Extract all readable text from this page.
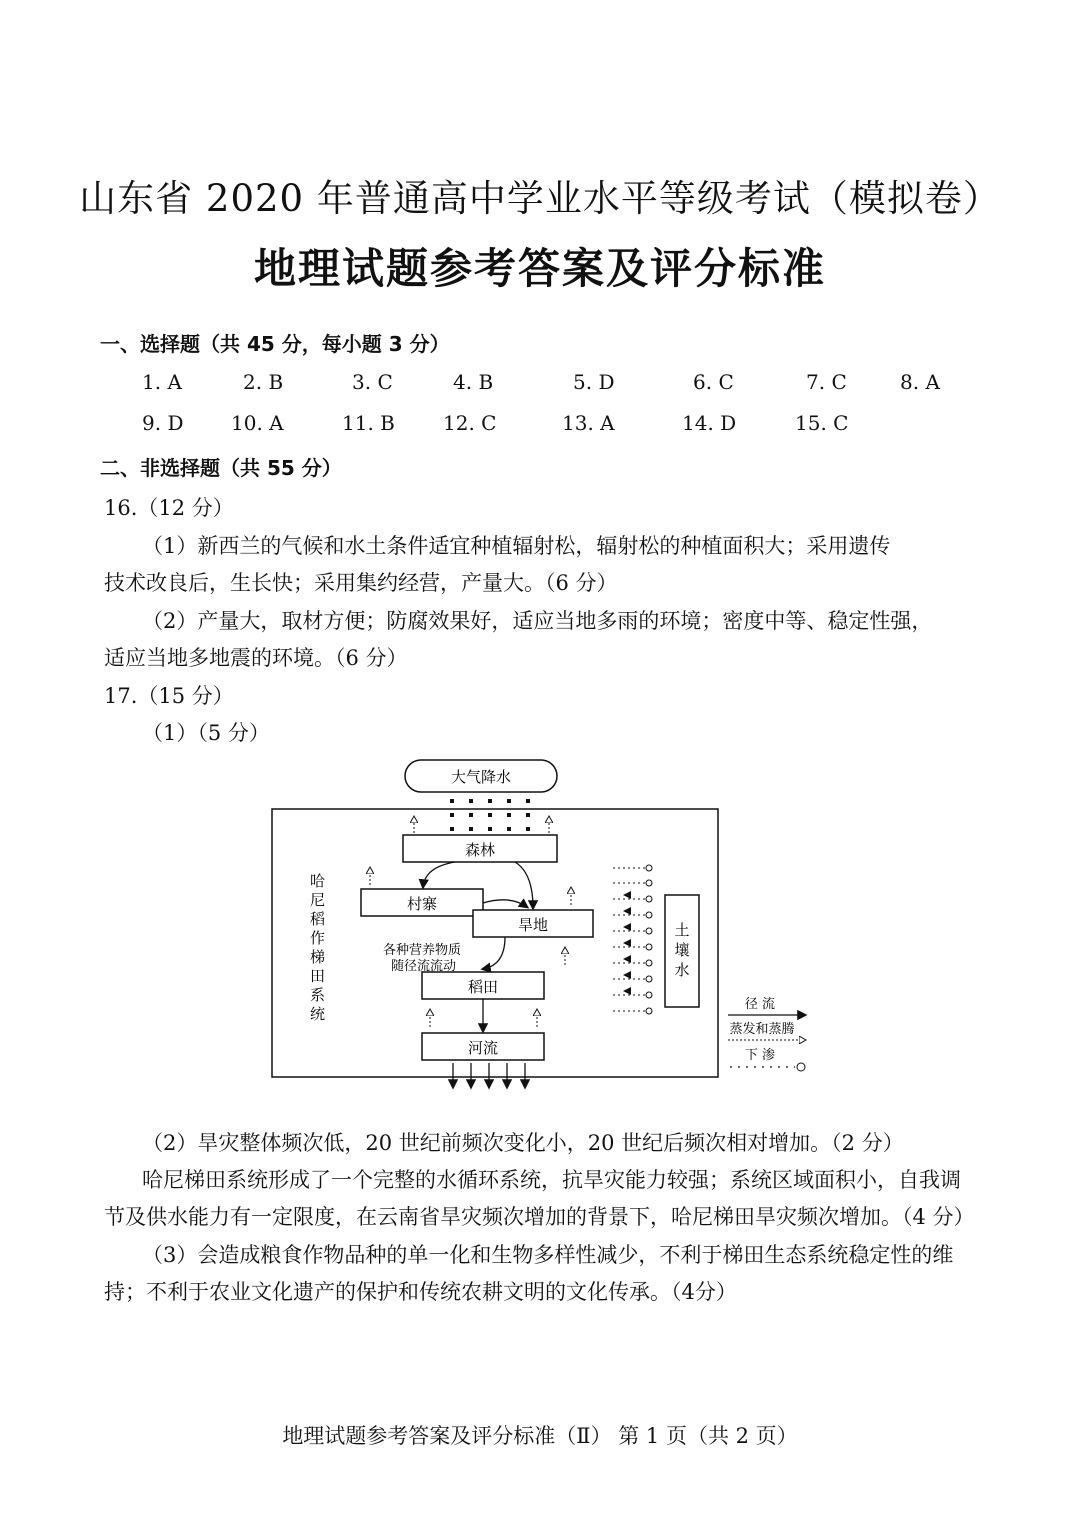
山东省 2020 年普通高中学业水平等级考试（模拟卷）
地理试题参考答案及评分标准
一、选择题（共 45 分，每小题 3 分）
1. A	2. B	3. C	4. B	5. D	6. C	7. C	8. A
9. D 10. A	11. B 12. C	13. A	14. D	15. C
二、非选择题（共 55 分）
16.（12 分）
（1）新西兰的气候和水土条件适宜种植辐射松，辐射松的种植面积大；采用遗传
技术改良后，生长快；采用集约经营，产量大。（6 分）
（2）产量大，取材方便；防腐效果好，适应当地多雨的环境；密度中等、稳定性强，
适应当地多地震的环境。（6 分）
17.（15 分）
（1）（5 分）
大气降水
哈尼稻作梯田系统
森林
村寨
旱地
稻田
河流
各种营养物质
随径流流动
土壤水
径 流
蒸发和蒸腾
下 渗
（2）旱灾整体频次低，20 世纪前频次变化小，20 世纪后频次相对增加。（2 分）
哈尼梯田系统形成了一个完整的水循环系统，抗旱灾能力较强；系统区域面积小，自我调
节及供水能力有一定限度，在云南省旱灾频次增加的背景下，哈尼梯田旱灾频次增加。（4 分）
（3）会造成粮食作物品种的单一化和生物多样性减少，不利于梯田生态系统稳定性的维
持；不利于农业文化遗产的保护和传统农耕文明的文化传承。（4分）
地理试题参考答案及评分标准（Ⅱ） 第 1 页（共 2 页）
